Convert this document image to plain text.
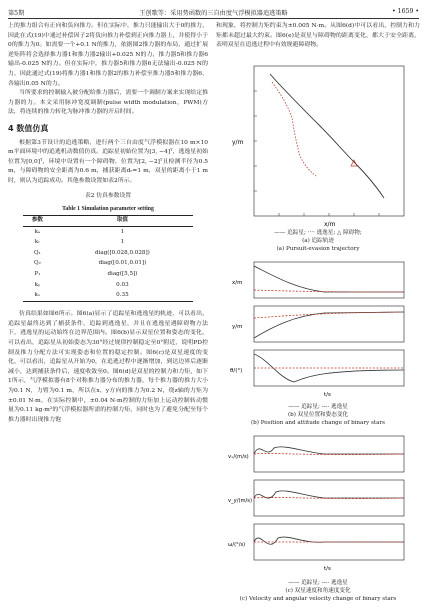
第5期	王创歌等：采用势函数的三自由度气浮模拟器追逃策略	• 1659 •

上的推力组合有正向和负向推力。但在实际中，推力只能输出大于0的推力，因此在式(19)中通过补偿因子2将负向推力补偿到正向推力器上，并使得小于0的推力为0。如需要一个+0.1 N的推力，依据图2推力器的布局，通过扩展逆矩阵将会选择推力器1和推力器2输出+0.025 N的力，推力器5和推力器6输出-0.025 N的力。但在实际中，推力器5和推力器6无法输出-0.025 N的力，因此通过式(19)将推力器1和推力器2的推力补偿至推力器5和推力器6，各输出0.05 N的力。

当所要求的控制输入被分配给推力器后，需要一个调制方案来实现给定推力器的力。本文采用脉冲宽度调制(pulse width modulation，PWM)方法，将连续的推力转化为脉冲推力器的开启时间。

4 数值仿真

根据第3节设计的追逃策略，进行两个三自由度气浮模拟器在10 m×10 m平面环境中的追逃机动数值仿真。追踪星初始位置为[3, −4]ᵀ，逃逸星初始位置为[0,0]ᵀ，环境中设置有一个障碍物，位置为[2, −2]ᵀ且检测半径为0.5 m，与障碍物的安全距离为0.6 m，捕获距离dᵣ=1 m，双星的距离小于1 m时，则认为追踪成功。其他参数设置如表2所示。

表2 仿真参数设置
Table 1 Simulation parameter setting
参数	取值
kₐ	1
kᵣ	1
Q₁	diag([0.028,0.028])
Q₂	diag([0.01,0.01])
P₁	diag([5,5])
kₚ	0.03
kₓ	0.35

仿真结果如图6所示。图6(a)显示了追踪星和逃逸星的轨迹，可以看出，追踪星最终达到了捕获条件，追踪到逃逸星，并且在逃逸星遇障碍物方法下，逃逸星的运动始终在边界范围内。图6(b)显示双星位置和姿态的变化，可以看出，追踪星从初始姿态为30°经过规律控制稳定至0°附近，说明PD控制及推力分配方法可实现姿态和位置的稳定控制。图6(c)是双星速度的变化，可以看出，追踪星从开始为0，在追逃过程中逐渐增加，到达边界后逐渐减小，达到捕获条件后，速度收敛至0。图6(d)是双星的控制力和力矩，如下1所示，气浮模拟器有8个对称推力器分布的推力器，每个推力器的推力大小为0.1 N，力臂为0.1 m，所以在x，y方向的推力为0.2 N，绕z轴的力矩为±0.01 N·m，在实际控制中，±0.04 N·m控制的力矩加上运动控制转动惯量为0.11 kg·m²的气浮模拟器所需的控制力矩，同时也为了避免分配至每个推力器时出现推力饱

和现象，将控制力矩约束为±0.005 N·m。从图6(d)中可以看出，控制力和力矩都未超过最大约束。图6(e)是双星与障碍物的距离变化，都大于安全距离，表明双星在追逃过程中有效规避障碍物。

y/m
x/m
—— 追踪星; ···· 逃逸星; △ 障碍物;
(a) 追踪轨迹
(a) Pursuit-evasion trajectory
x/m
y/m
θ/(°)
t/s
—— 追踪星; ---- 逃逸星
(b) 双星位置和姿态变化
(b) Position and attitude change of binary stars
vₓ/(m/s)
v_y/(m/s)
ω/(°/s)
t/s
—— 追踪星; ---- 逃逸星
(c) 双星速度和角速度变化
(c) Velocity and angular velocity change of binary stars
